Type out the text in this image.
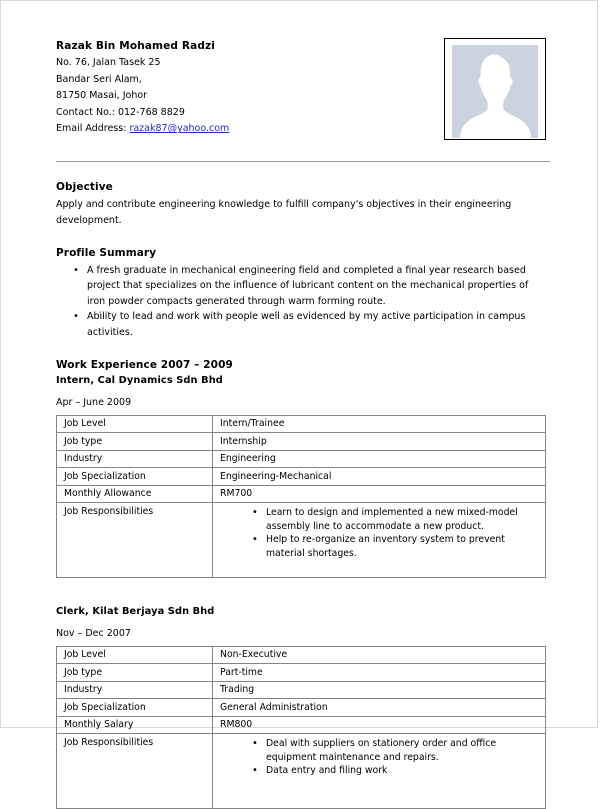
Razak Bin Mohamed Radzi
No. 76, Jalan Tasek 25
Bandar Seri Alam,
81750 Masai, Johor
Contact No.: 012-768 8829
Email Address: razak87@yahoo.com
Objective

Apply and contribute engineering knowledge to fulfill company's objectives in their engineering development.

Profile Summary
• A fresh graduate in mechanical engineering field and completed a final year research based project that specializes on the influence of lubricant content on the mechanical properties of iron powder compacts generated through warm forming route.
• Ability to lead and work with people well as evidenced by my active participation in campus activities.
Work Experience 2007 – 2009
Intern, Cal Dynamics Sdn Bhd
Apr – June 2009
Job Level	Intern/Trainee
Job type	Internship
Industry	Engineering
Job Specialization	Engineering-Mechanical
Monthly Allowance	RM700
Job Responsibilities	
•Learn to design and implemented a new mixed-model assembly line to accommodate a new product.
• Help to re-organize an inventory system to prevent material shortages.
Clerk, Kilat Berjaya Sdn Bhd
Nov – Dec 2007
Job Level	Non-Executive
Job type	Part-time
Industry	Trading
Job Specialization	General Administration
Monthly Salary	RM800
Job Responsibilities	
•Deal with suppliers on stationery order and office equipment maintenance and repairs.
• Data entry and filing work
